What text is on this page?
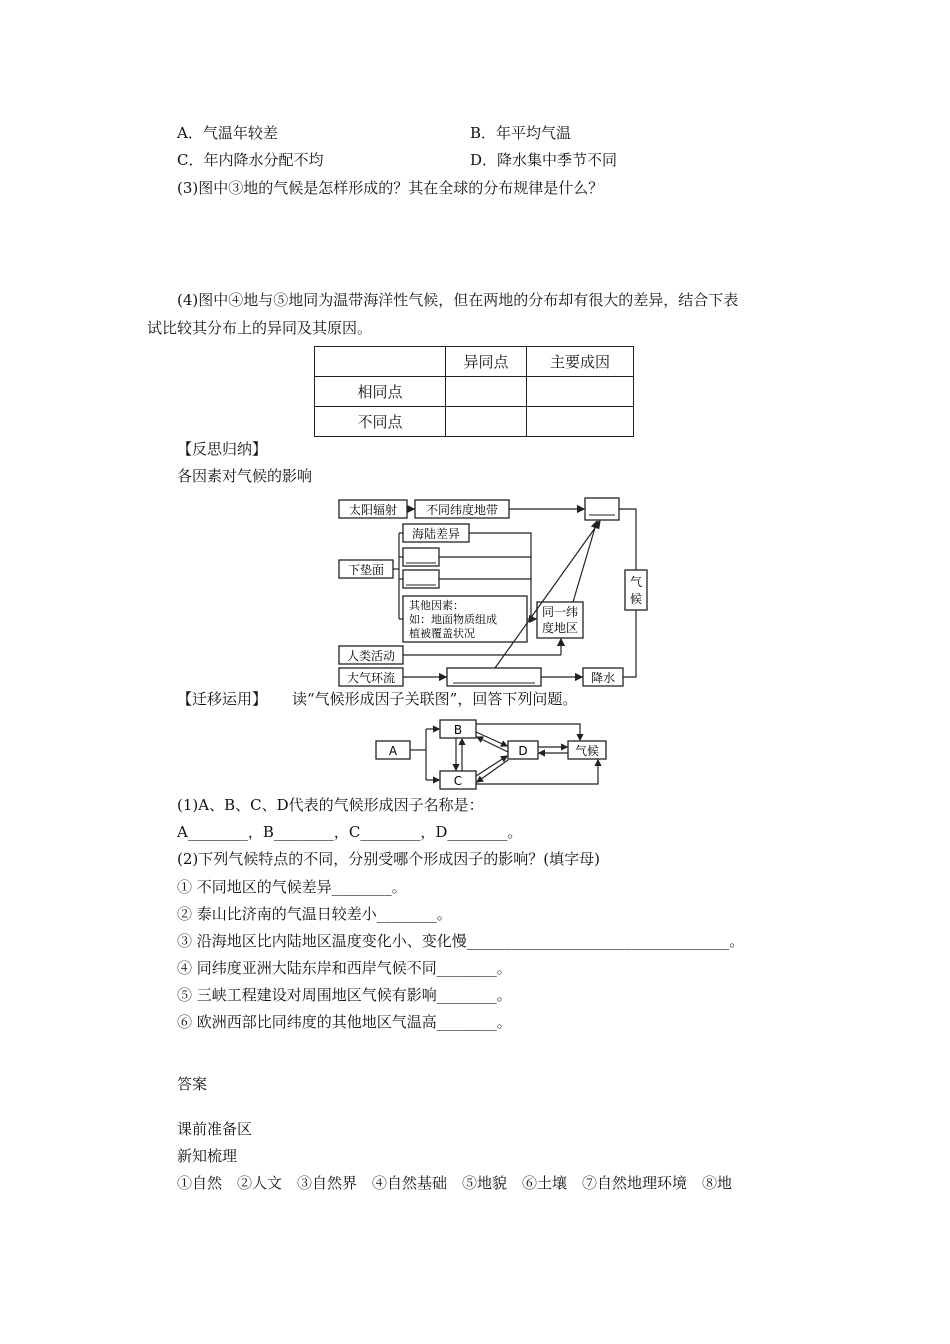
A．气温年较差	B．年平均气温
C．年内降水分配不均	D．降水集中季节不同
(3)图中③地的气候是怎样形成的？其在全球的分布规律是什么？
(4)图中④地与⑤地同为温带海洋性气候，但在两地的分布却有很大的差异，结合下表
试比较其分布上的异同及其原因。
	异同点	主要成因
相同点		
不同点		
【反思归纳】
各因素对气候的影响
太阳辐射 不同纬度地带
下垫面
海陆差异
其他因素：
如：地面物质组成
植被覆盖状况
同一纬
度地区
气
候
人类活动
大气环流	降水
【迁移运用】 读“气候形成因子关联图”，回答下列问题。
A
B
C
D	气候
(1)A、B、C、D代表的气候形成因子名称是：
A________，B________，C________，D________。
(2)下列气候特点的不同，分别受哪个形成因子的影响？(填字母)
① 不同地区的气候差异________。
② 泰山比济南的气温日较差小________。
③ 沿海地区比内陆地区温度变化小、变化慢___________________________________。
④ 同纬度亚洲大陆东岸和西岸气候不同________。
⑤ 三峡工程建设对周围地区气候有影响________。
⑥ 欧洲西部比同纬度的其他地区气温高________。
答案
课前准备区
新知梳理
①自然　②人文　③自然界　④自然基础　⑤地貌　⑥土壤　⑦自然地理环境　⑧地
